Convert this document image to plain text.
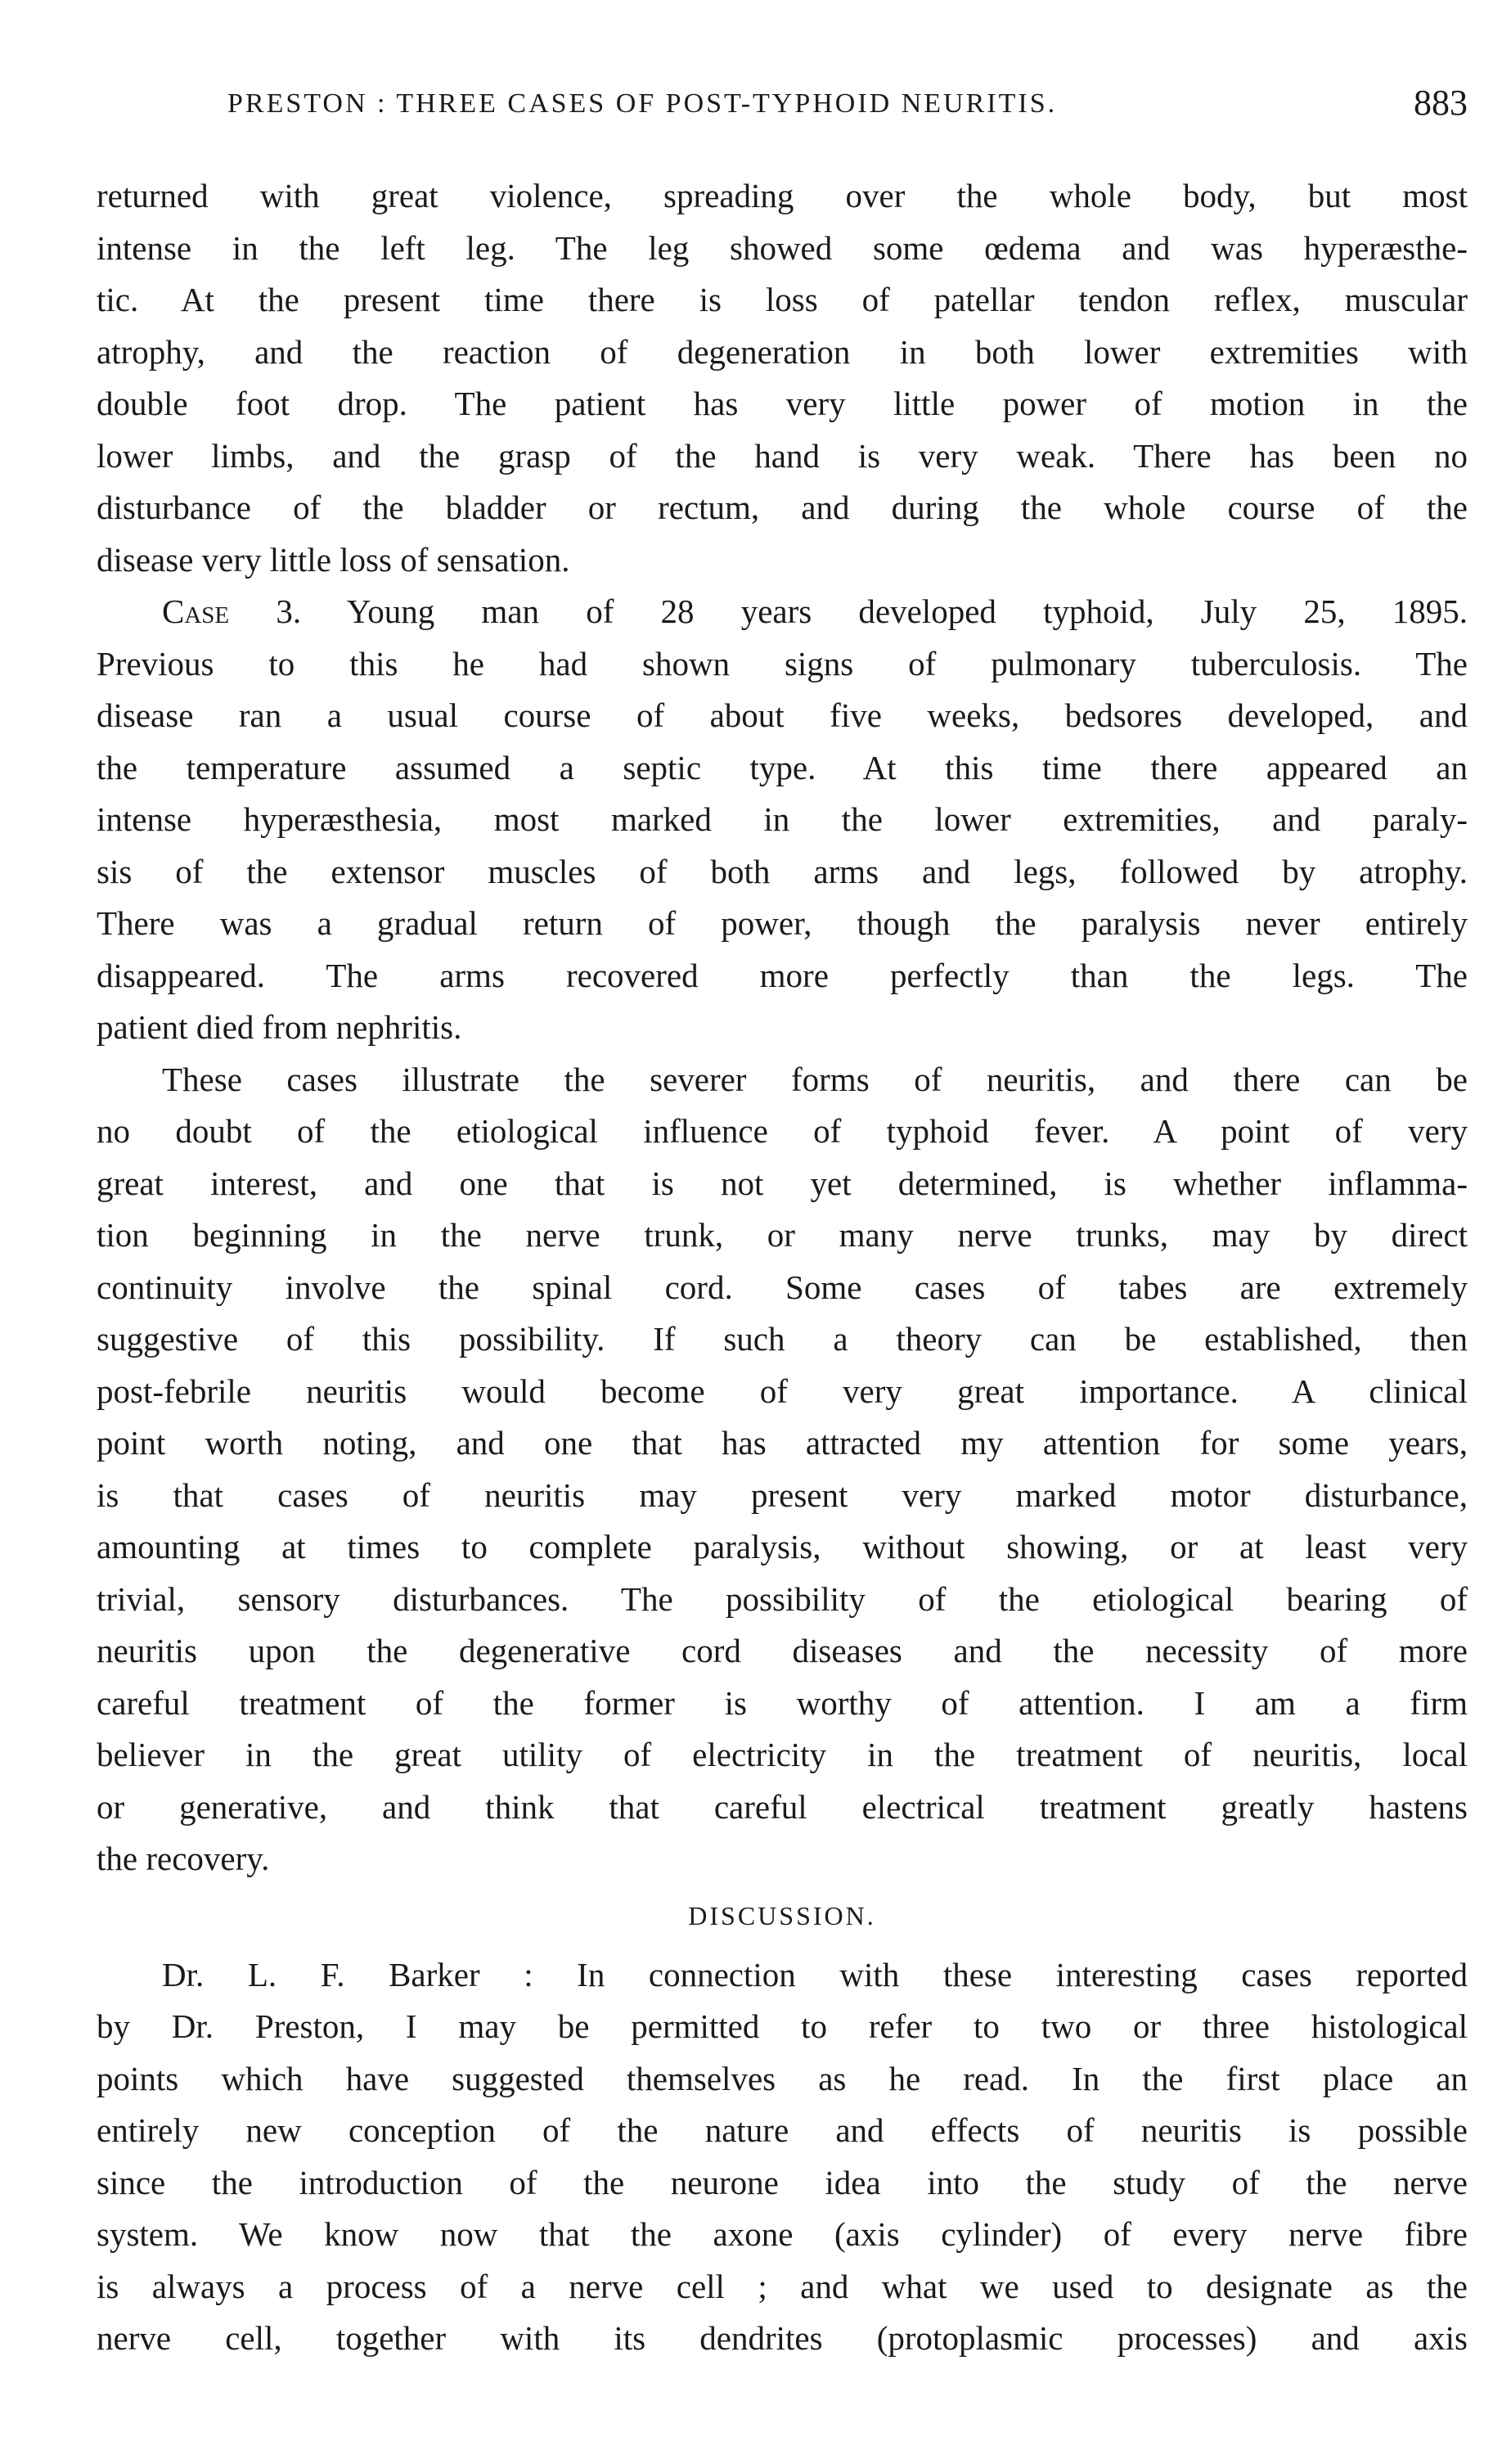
PRESTON : THREE CASES OF POST-TYPHOID NEURITIS.	883
returned with great violence, spreading over the whole body, but most
intense in the left leg. The leg showed some œdema and was hyperæsthe-
tic. At the present time there is loss of patellar tendon reflex, muscular
atrophy, and the reaction of degeneration in both lower extremities with
double foot drop. The patient has very little power of motion in the
lower limbs, and the grasp of the hand is very weak. There has been no
disturbance of the bladder or rectum, and during the whole course of the
disease very little loss of sensation.
Case 3. Young man of 28 years developed typhoid, July 25, 1895.
Previous to this he had shown signs of pulmonary tuberculosis. The
disease ran a usual course of about five weeks, bedsores developed, and
the temperature assumed a septic type. At this time there appeared an
intense hyperæsthesia, most marked in the lower extremities, and paraly-
sis of the extensor muscles of both arms and legs, followed by atrophy.
There was a gradual return of power, though the paralysis never entirely
disappeared. The arms recovered more perfectly than the legs. The
patient died from nephritis.
These cases illustrate the severer forms of neuritis, and there can be
no doubt of the etiological influence of typhoid fever. A point of very
great interest, and one that is not yet determined, is whether inflamma-
tion beginning in the nerve trunk, or many nerve trunks, may by direct
continuity involve the spinal cord. Some cases of tabes are extremely
suggestive of this possibility. If such a theory can be established, then
post-febrile neuritis would become of very great importance. A clinical
point worth noting, and one that has attracted my attention for some years,
is that cases of neuritis may present very marked motor disturbance,
amounting at times to complete paralysis, without showing, or at least very
trivial, sensory disturbances. The possibility of the etiological bearing of
neuritis upon the degenerative cord diseases and the necessity of more
careful treatment of the former is worthy of attention. I am a firm
believer in the great utility of electricity in the treatment of neuritis, local
or generative, and think that careful electrical treatment greatly hastens
the recovery.
DISCUSSION.
Dr. L. F. Barker : In connection with these interesting cases reported
by Dr. Preston, I may be permitted to refer to two or three histological
points which have suggested themselves as he read. In the first place an
entirely new conception of the nature and effects of neuritis is possible
since the introduction of the neurone idea into the study of the nerve
system. We know now that the axone (axis cylinder) of every nerve fibre
is always a process of a nerve cell ; and what we used to designate as the
nerve cell, together with its dendrites (protoplasmic processes) and axis
